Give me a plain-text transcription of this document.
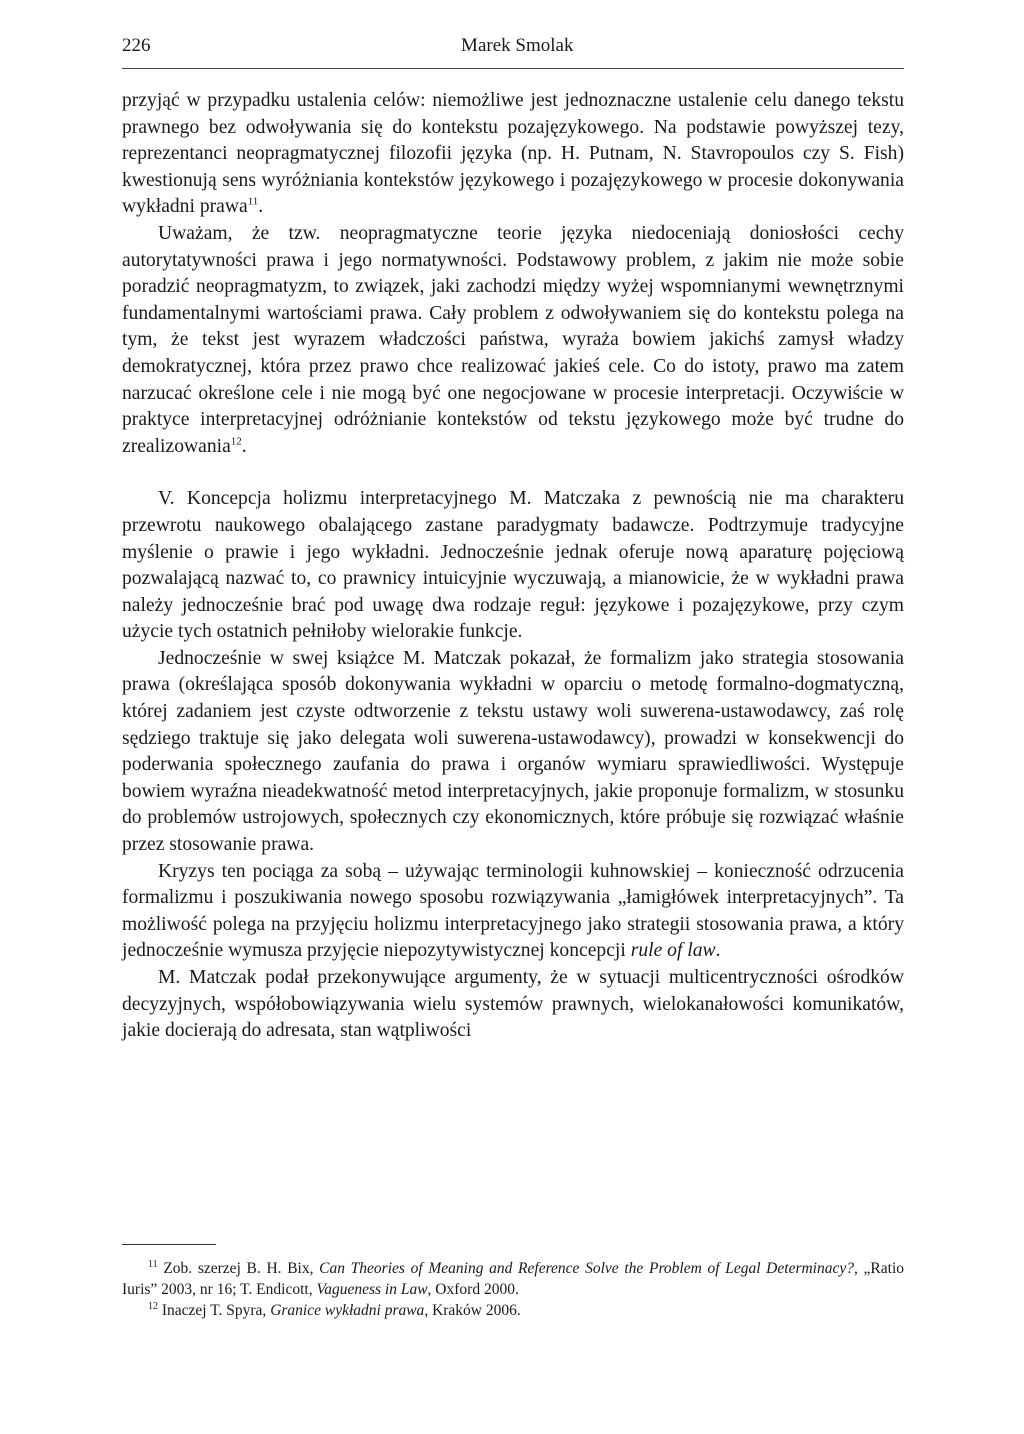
226	Marek Smolak

przyjąć w przypadku ustalenia celów: niemożliwe jest jednoznaczne ustalenie celu danego tekstu prawnego bez odwoływania się do kontekstu pozajęzykowego. Na podstawie powyższej tezy, reprezentanci neopragmatycznej filozofii języka (np. H. Putnam, N. Stavropoulos czy S. Fish) kwestionują sens wyróżniania kontekstów językowego i pozajęzykowego w procesie dokonywania wykładni prawa$^{11}$.

Uważam, że tzw. neopragmatyczne teorie języka niedoceniają doniosłości cechy autorytatywności prawa i jego normatywności. Podstawowy problem, z jakim nie może sobie poradzić neopragmatyzm, to związek, jaki zachodzi między wyżej wspomnianymi wewnętrznymi fundamentalnymi wartościami prawa. Cały problem z odwoływaniem się do kontekstu polega na tym, że tekst jest wyrazem władczości państwa, wyraża bowiem jakichś zamysł władzy demokratycznej, która przez prawo chce realizować jakieś cele. Co do istoty, prawo ma zatem narzucać określone cele i nie mogą być one negocjowane w procesie interpretacji. Oczywiście w praktyce interpretacyjnej odróżnianie kontekstów od tekstu językowego może być trudne do zrealizowania$^{12}$.

V. Koncepcja holizmu interpretacyjnego M. Matczaka z pewnością nie ma charakteru przewrotu naukowego obalającego zastane paradygmaty badawcze. Podtrzymuje tradycyjne myślenie o prawie i jego wykładni. Jednocześnie jednak oferuje nową aparaturę pojęciową pozwalającą nazwać to, co prawnicy intuicyjnie wyczuwają, a mianowicie, że w wykładni prawa należy jednocześnie brać pod uwagę dwa rodzaje reguł: językowe i pozajęzykowe, przy czym użycie tych ostatnich pełniłoby wielorakie funkcje.

Jednocześnie w swej książce M. Matczak pokazał, że formalizm jako strategia stosowania prawa (określająca sposób dokonywania wykładni w oparciu o metodę formalno-dogmatyczną, której zadaniem jest czyste odtworzenie z tekstu ustawy woli suwerena-ustawodawcy, zaś rolę sędziego traktuje się jako delegata woli suwerena-ustawodawcy), prowadzi w konsekwencji do poderwania społecznego zaufania do prawa i organów wymiaru sprawiedliwości. Występuje bowiem wyraźna nieadekwatność metod interpretacyjnych, jakie proponuje formalizm, w stosunku do problemów ustrojowych, społecznych czy ekonomicznych, które próbuje się rozwiązać właśnie przez stosowanie prawa.

Kryzys ten pociąga za sobą – używając terminologii kuhnowskiej – konieczność odrzucenia formalizmu i poszukiwania nowego sposobu rozwiązywania „łamigłówek interpretacyjnych”. Ta możliwość polega na przyjęciu holizmu interpretacyjnego jako strategii stosowania prawa, a który jednocześnie wymusza przyjęcie niepozytywistycznej koncepcji rule of law.

M. Matczak podał przekonywujące argumenty, że w sytuacji multicentryczności ośrodków decyzyjnych, współobowiązywania wielu systemów prawnych, wielokanałowości komunikatów, jakie docierają do adresata, stan wątpliwości

$^{11}$ Zob. szerzej B. H. Bix, Can Theories of Meaning and Reference Solve the Problem of Legal Determinacy?, „Ratio Iuris” 2003, nr 16; T. Endicott, Vagueness in Law, Oxford 2000.

$^{12}$ Inaczej T. Spyra, Granice wykładni prawa, Kraków 2006.
